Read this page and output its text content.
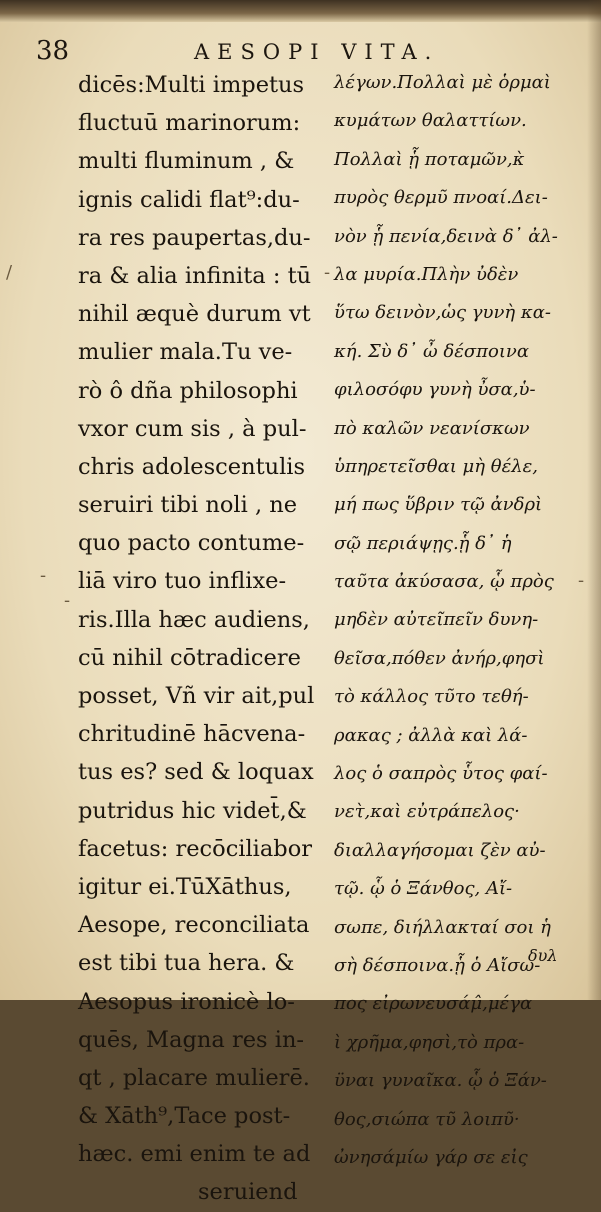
38	AESOPI VITA.
dicēs:Multi impetus
fluctuū marinorum:
multi fluminum , &
ignis calidi flat⁹:du-
ra res paupertas,du-
ra & alia infinita : tū
nihil æquè durum vt
mulier mala.Tu ve-
rò ô dña philosophi
vxor cum sis , à pul-
chris adolescentulis
seruiri tibi noli , ne
quo pacto contume-
liā viro tuo inflixe-
ris.Illa hæc audiens,
cū nihil cōtradicere
posset, Vñ vir ait,pul
chritudinē hācvena-
tus es? sed & loquax
putridus hic videt̄,&
facetus: recōciliabor
igitur ei.TūXāthus,
Aesope, reconciliata
est tibi tua hera. &
Aesopus ironicè lo-
quēs, Magna res in-
qt , placare mulierē.
& Xāth⁹,Tace post-
hæc. emi enim te ad
seruiend
λέγων.Πολλαὶ μὲ ὁρμαὶ
κυμάτων θαλαττίων.
Πολλαὶ ᾗ ποταμῶν,κ̀
πυρὸς θερμῦ πνοαί.Δει-
νὸν ᾗ πενία,δεινὰ δ᾽ ἀλ-
λα μυρία.Πλὴν ὐδὲν
ὕτω δεινὸν,ὡς γυνὴ κα-
κή. Σὺ δ᾽ ὦ δέσποινα
φιλοσόφυ γυνὴ ὖσα,ὑ-
πὸ καλῶν νεανίσκων
ὑπηρετεῖσθαι μὴ θέλε,
μή πως ὕβριν τῷ ἀνδρὶ
σῷ περιάψῃς.ᾗ δ᾽ ἡ
ταῦτα ἀκύσασα, ᾧ πρὸς
μηδὲν αὐτεῖπεῖν δυνη-
θεῖσα,πόθεν ἀνήρ,φησὶ
τὸ κάλλος τῦτο τεθή-
ρακας ; ἀλλὰ καὶ λά-
λος ὁ σαπρὸς ὗτος φαί-
νετ̀,καὶ εὐτράπελος·
διαλλαγήσομαι ζὲν αὐ-
τῷ. ᾧ ὁ Ξάνθος, Αἴ-
σωπε, διήλλακταί σοι ἡ
σὴ δέσποινα.ᾗ ὁ Αἴσω-
πος εἰρωνευσάμ̂,μέγα
ὶ χρῆμα,φησὶ,τὸ πρα-
ϋναι γυναῖκα. ᾧ ὁ Ξάν-
θος,σιώπα τῦ λοιπῦ·
ὠνησάμίω γάρ σε εἰς
δυλ
/	-
-
-
-
